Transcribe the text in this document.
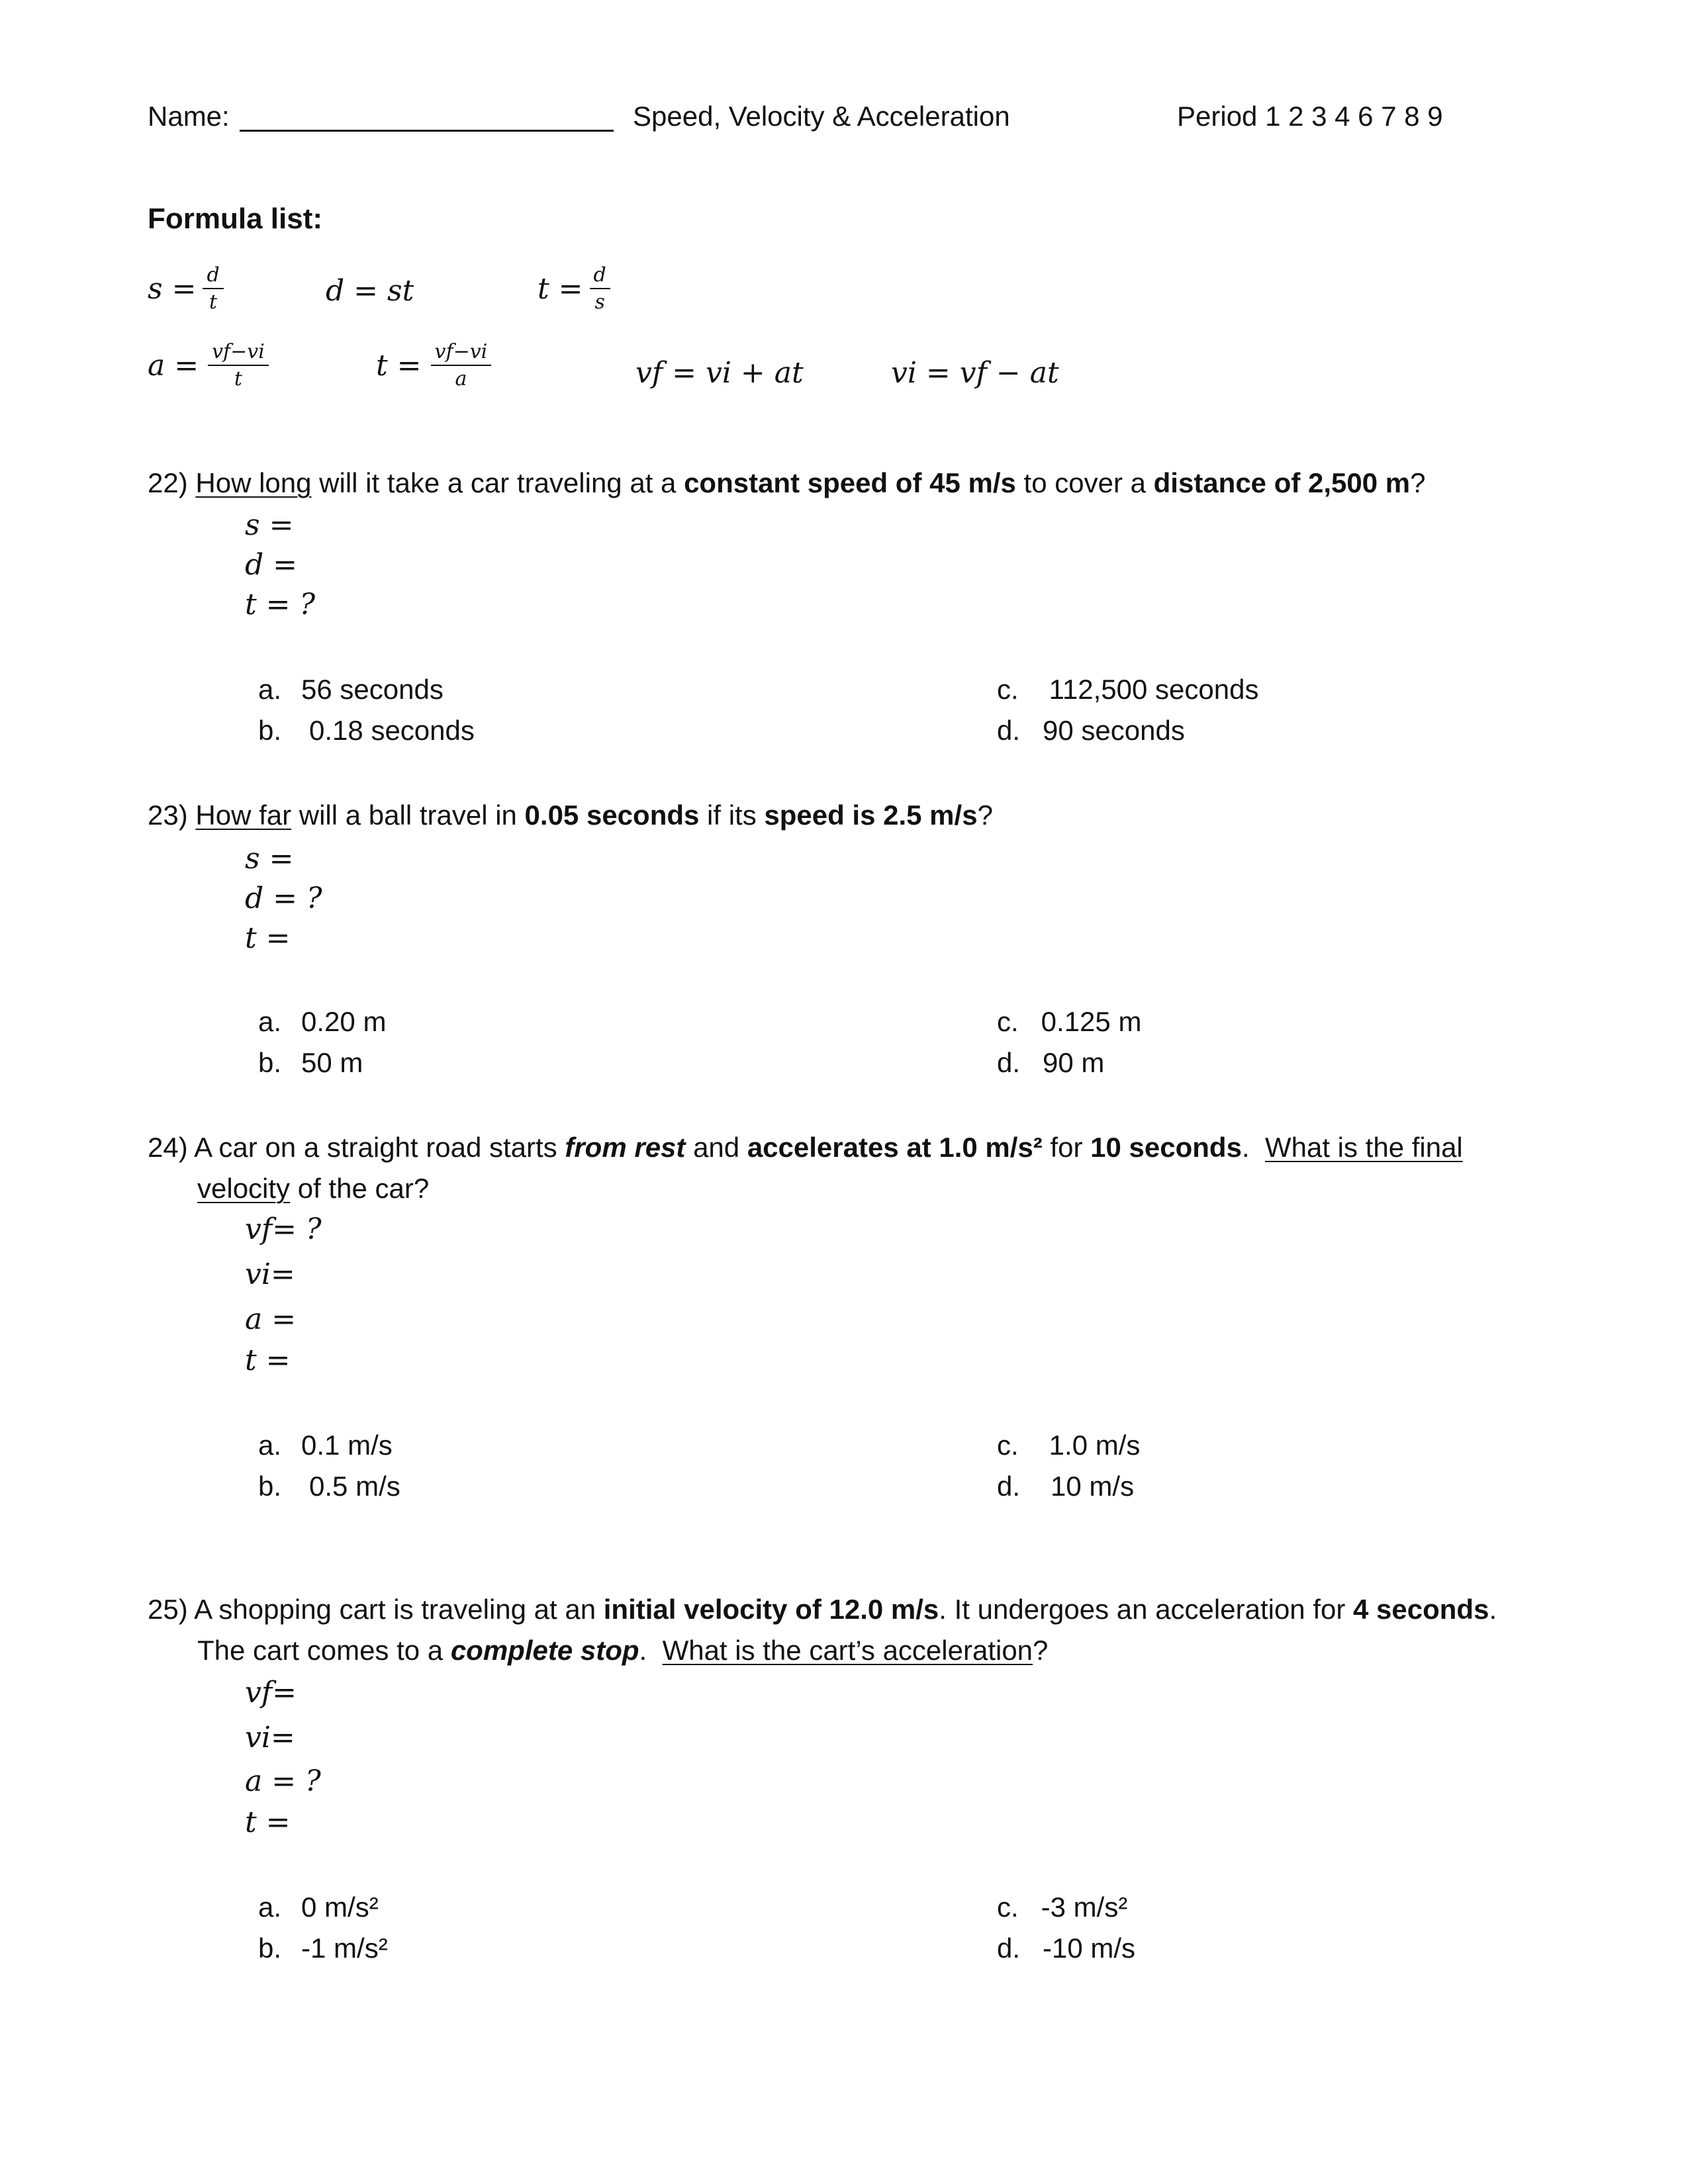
Name:	Speed, Velocity & Acceleration	Period 1 2 3 4 6 7 8 9
Formula list:
$s = \frac{d}{t}$	d = st	$t = \frac{d}{s}$
$a = \frac{vf-vi}{t}$	$t = \frac{vf-vi}{a}$	vf = vi + at	vi = vf − at
22) How long will it take a car traveling at a constant speed of 45 m/s to cover a distance of 2,500 m?
s =
d =
t = ?
a. 56 seconds
b. 0.18 seconds
c. 112,500 seconds
d. 90 seconds
23) How far will a ball travel in 0.05 seconds if its speed is 2.5 m/s?
s =
d = ?
t =
a. 0.20 m
b. 50 m
c. 0.125 m
d. 90 m
24) A car on a straight road starts from rest and accelerates at 1.0 m/s² for 10 seconds.  What is the final
velocity of the car?
vf= ?
vi=
a =
t =
a. 0.1 m/s
b. 0.5 m/s
c. 1.0 m/s
d. 10 m/s
25) A shopping cart is traveling at an initial velocity of 12.0 m/s. It undergoes an acceleration for 4 seconds.
The cart comes to a complete stop.  What is the cart’s acceleration?
vf=
vi=
a = ?
t =
a. 0 m/s²
b. -1 m/s²
c. -3 m/s²
d. -10 m/s
